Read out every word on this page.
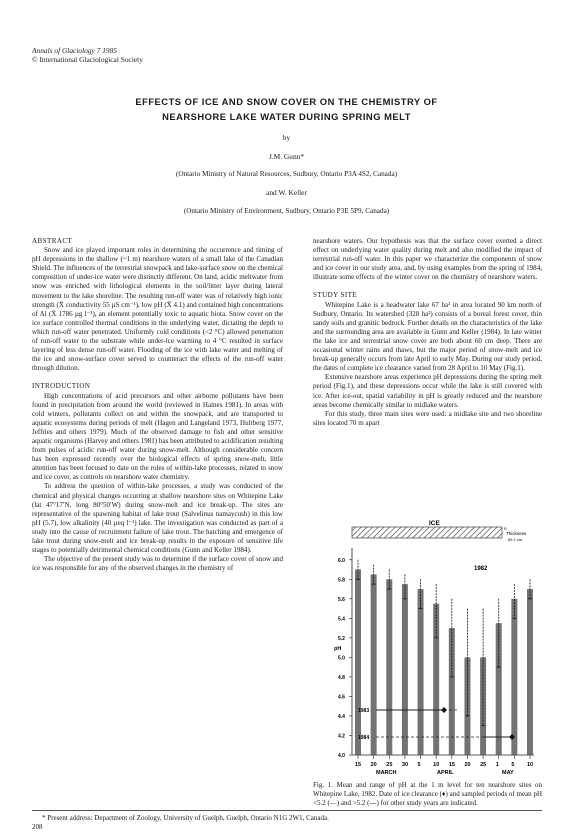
Annals of Glaciology 7 1985
© International Glaciological Society
EFFECTS OF ICE AND SNOW COVER ON THE CHEMISTRY OF
NEARSHORE LAKE WATER DURING SPRING MELT
by
J.M. Gunn*
(Ontario Ministry of Natural Resources, Sudbury, Ontario P3A 4S2, Canada)
and W. Keller
(Ontario Ministry of Environment, Sudbury, Ontario P3E 5P9, Canada)

ABSTRACT

Snow and ice played important roles in determining the occurrence and timing of pH depressions in the shallow (~1 m) nearshore waters of a small lake of the Canadian Shield. The influences of the terrestrial snowpack and lake-surface snow on the chemical composition of under-ice water were distinctly different. On land, acidic meltwater from snow was enriched with lithological elements in the soil/litter layer during lateral movement to the lake shoreline. The resulting run-off water was of relatively high ionic strength (X̄ conductivity 55 µS cm⁻¹), low pH (X̄ 4.1) and contained high concentrations of Al (X̄ 1786 µg l⁻¹), an element potentially toxic to aquatic biota. Snow cover on the ice surface controlled thermal conditions in the underlying water, dictating the depth to which run-off water penetrated. Uniformly cold conditions (<2 °C) allowed penetration of run-off water to the substrate while under-ice warming to 4 °C resulted in surface layering of less dense run-off water. Flooding of the ice with lake water and melting of the ice and snow-surface cover served to counteract the effects of the run-off water through dilution.

INTRODUCTION

High concentrations of acid precursors and other airborne pollutants have been found in precipitation from around the world (reviewed in Haines 1981). In areas with cold winters, pollutants collect on and within the snowpack, and are transported to aquatic ecosystems during periods of melt (Hagen and Langeland 1973, Hultberg 1977, Jeffries and others 1979). Much of the observed damage to fish and other sensitive aquatic organisms (Harvey and others 1981) has been attributed to acidification resulting from pulses of acidic run-off water during snow-melt. Although considerable concern has been expressed recently over the biological effects of spring snow-melt, little attention has been focused to date on the roles of within-lake processes, related to snow and ice cover, as controls on nearshore water chemistry.

To address the question of within-lake processes, a study was conducted of the chemical and physical changes occurring at shallow nearshore sites on Whitepine Lake (lat 47°17′N, long 80°50′W) during snow-melt and ice break-up. The sites are representative of the spawning habitat of lake trout (Salvelinus namaycush) in this low pH (5.7), low alkalinity (40 µeq l⁻¹) lake. The investigation was conducted as part of a study into the cause of recruitment failure of lake trout. The hatching and emergence of lake trout during snow-melt and ice break-up results in the exposure of sensitive life stages to potentially detrimental chemical conditions (Gunn and Keller 1984).

The objective of the present study was to determine if the surface cover of snow and ice was responsible for any of the observed changes in the chemistry of

nearshore waters. Our hypothesis was that the surface cover exerted a direct effect on underlying water quality during melt and also modified the impact of terrestrial run-off water. In this paper we characterize the components of snow and ice cover in our study area, and, by using examples from the spring of 1984, illustrate some effects of the winter cover on the chemistry of nearshore waters.

STUDY SITE

Whitepine Lake is a headwater lake 67 ha² in area located 90 km north of Sudbury, Ontario. Its watershed (328 ha²) consists of a boreal forest cover, thin sandy soils and granitic bedrock. Further details on the characteristics of the lake and the surrounding area are available in Gunn and Keller (1984). In late winter the lake ice and terrestrial snow cover are both about 60 cm deep. There are occasional winter rains and thaws, but the major period of snow-melt and ice break-up generally occurs from late April to early May. During our study period, the dates of complete ice clearance varied from 28 April to 10 May (Fig.1).

Extensive nearshore areas experience pH depressions during the spring melt period (Fig.1), and these depressions occur while the lake is still covered with ice. After ice-out, spatial variability in pH is greatly reduced and the nearshore areas become chemically similar to midlake waters.

For this study, three main sites were used: a midlake site and two shoreline sites located 70 m apart

ICE
n
Thickness
65 1 cm
pH
6.0
5.8
5.6
5.4
5.2
5.0
4.8
4.6
4.4
4.2
4.0
1982
1983
1984
15 20 25 30 5 10 15 20 25 1 5 10
MARCH	APRIL	MAY
Fig. 1. Mean and range of pH at the 1 m level for ten nearshore sites on Whitepine Lake, 1982. Date of ice clearance (♦) and sampled periods of mean pH <5.2 (—) and >5.2 (---) for other study years are indicated.
* Present address: Department of Zoology, University of Guelph, Guelph, Ontario N1G 2W1, Canada.
208
